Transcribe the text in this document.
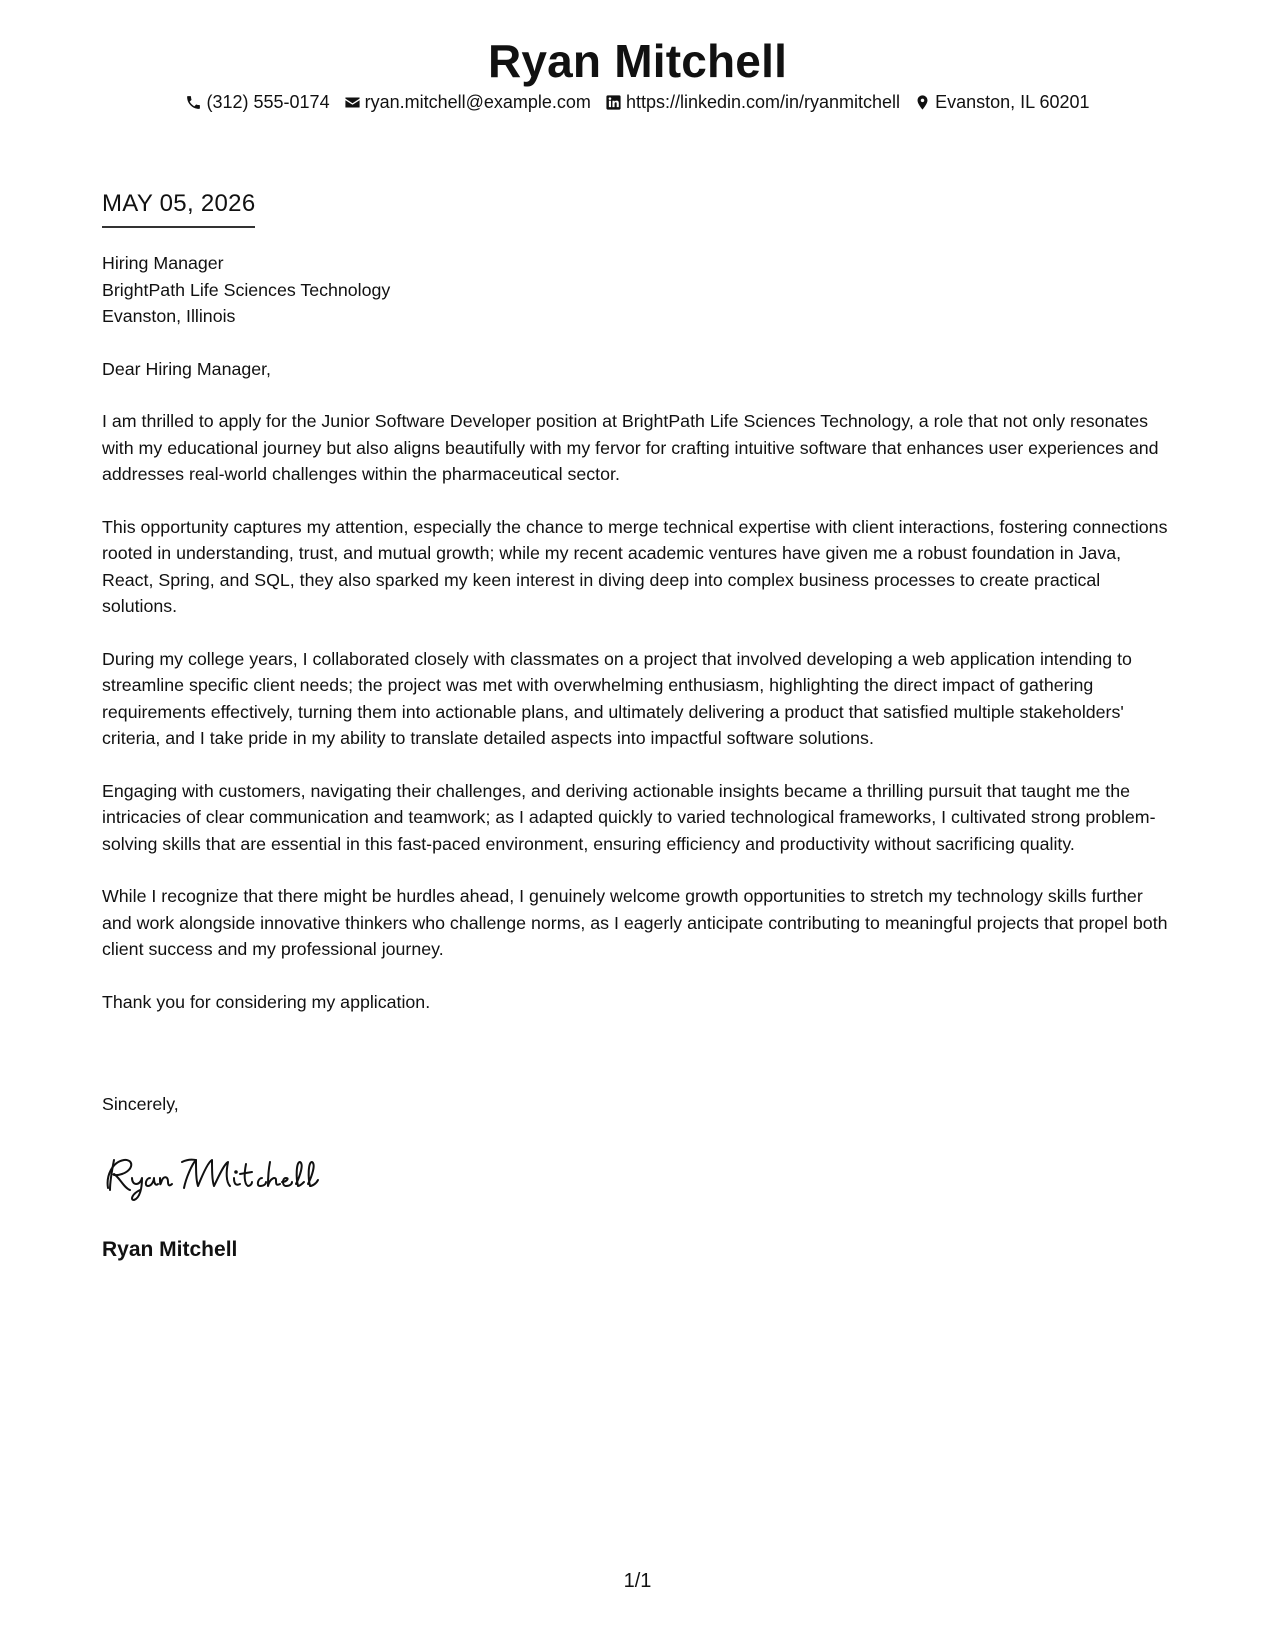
Ryan Mitchell
(312) 555-0174 ryan.mitchell@example.com https://linkedin.com/in/ryanmitchell Evanston, IL 60201
MAY 05, 2026

Hiring Manager

BrightPath Life Sciences Technology

Evanston, Illinois

Dear Hiring Manager,

I am thrilled to apply for the Junior Software Developer position at BrightPath Life Sciences Technology, a role that not only resonates with my educational journey but also aligns beautifully with my fervor for crafting intuitive software that enhances user experiences and addresses real-world challenges within the pharmaceutical sector.

This opportunity captures my attention, especially the chance to merge technical expertise with client interactions, fostering connections rooted in understanding, trust, and mutual growth; while my recent academic ventures have given me a robust foundation in Java, React, Spring, and SQL, they also sparked my keen interest in diving deep into complex business processes to create practical solutions.

During my college years, I collaborated closely with classmates on a project that involved developing a web application intending to streamline specific client needs; the project was met with overwhelming enthusiasm, highlighting the direct impact of gathering requirements effectively, turning them into actionable plans, and ultimately delivering a product that satisfied multiple stakeholders' criteria, and I take pride in my ability to translate detailed aspects into impactful software solutions.

Engaging with customers, navigating their challenges, and deriving actionable insights became a thrilling pursuit that taught me the intricacies of clear communication and teamwork; as I adapted quickly to varied technological frameworks, I cultivated strong problem-solving skills that are essential in this fast-paced environment, ensuring efficiency and productivity without sacrificing quality.

While I recognize that there might be hurdles ahead, I genuinely welcome growth opportunities to stretch my technology skills further and work alongside innovative thinkers who challenge norms, as I eagerly anticipate contributing to meaningful projects that propel both client success and my professional journey.

Thank you for considering my application.

Sincerely,

Ryan Mitchell

1/1
